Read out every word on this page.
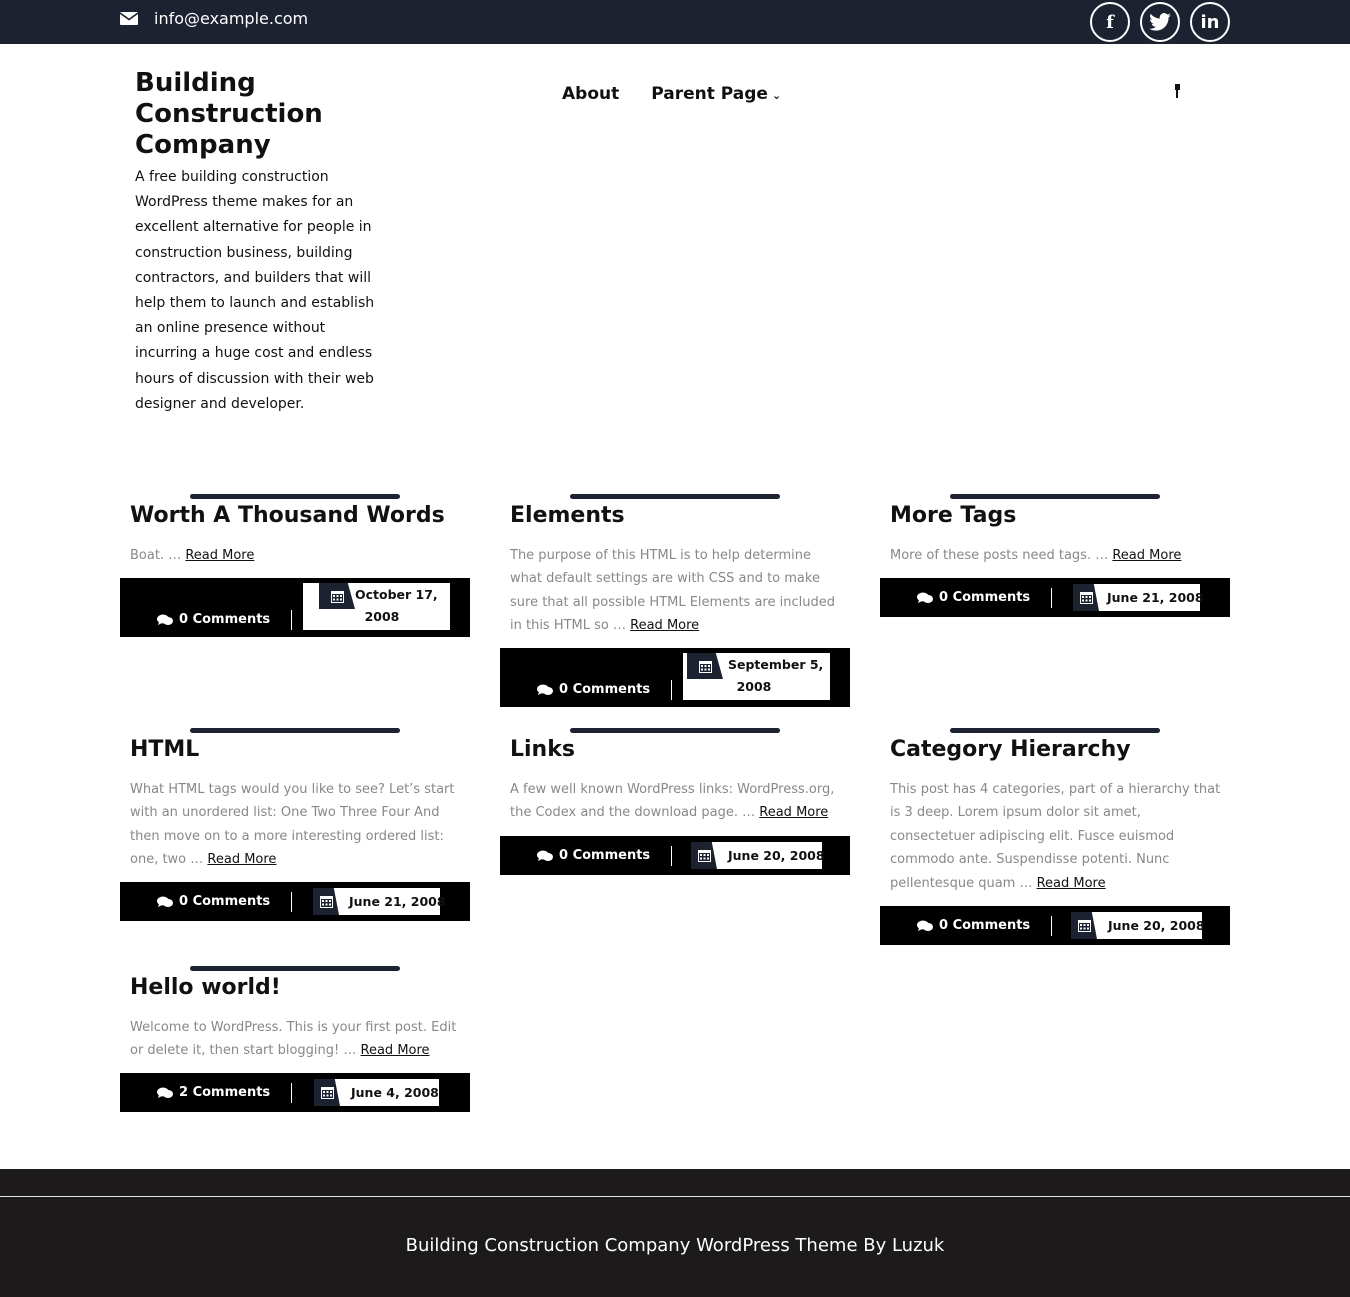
info@example.com	f	in
Building Construction Company
A free building construction WordPress theme makes for an excellent alternative for people in construction business, building contractors, and builders that will help them to launch and establish an online presence without incurring a huge cost and endless hours of discussion with their web designer and developer.
About Parent Page ⌄
Worth A Thousand Words
Boat. … Read More
0 Comments
October 17,
2008
Elements
The purpose of this HTML is to help determine what default settings are with CSS and to make sure that all possible HTML Elements are included in this HTML so … Read More
0 Comments
September 5,
2008
More Tags
More of these posts need tags. … Read More
0 Comments	June 21, 2008
HTML
What HTML tags would you like to see? Let’s start with an unordered list: One Two Three Four And then move on to a more interesting ordered list: one, two … Read More
0 Comments	June 21, 2008
Links
A few well known WordPress links: WordPress.org, the Codex and the download page. … Read More
0 Comments	June 20, 2008
Category Hierarchy
This post has 4 categories, part of a hierarchy that is 3 deep. Lorem ipsum dolor sit amet, consectetuer adipiscing elit. Fusce euismod commodo ante. Suspendisse potenti. Nunc pellentesque quam … Read More
0 Comments	June 20, 2008
Hello world!
Welcome to WordPress. This is your first post. Edit or delete it, then start blogging! … Read More
2 Comments	June 4, 2008
Building Construction Company WordPress Theme By Luzuk
